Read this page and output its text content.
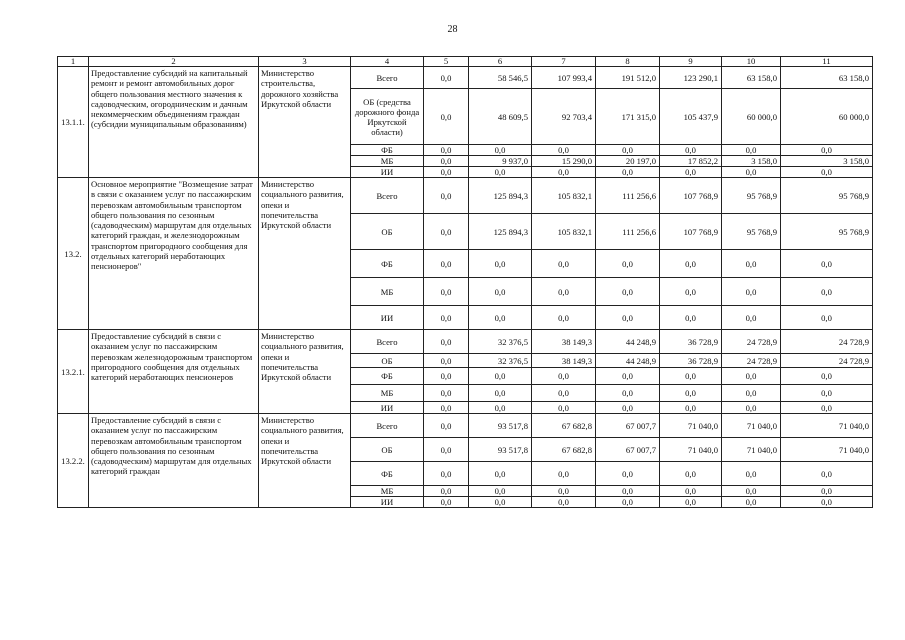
28
1	2	3	4	5	6	7	8	9	10	11
13.1.1.	Предоставление субсидий на капитальный ремонт и ремонт автомобильных дорог общего пользования местного значения к садоводческим, огородническим и дачным некоммерческим объединениям граждан (субсидии муниципальным образованиям)	Министерство строительства, дорожного хозяйства Иркутской области	Всего	0,0	58 546,5	107 993,4	191 512,0	123 290,1	63 158,0	63 158,0
			ОБ (средства дорожного фонда Иркутской области)	0,0	48 609,5	92 703,4	171 315,0	105 437,9	60 000,0	60 000,0
			ФБ	0,0	0,0	0,0	0,0	0,0	0,0	0,0
			МБ	0,0	9 937,0	15 290,0	20 197,0	17 852,2	3 158,0	3 158,0
			ИИ	0,0	0,0	0,0	0,0	0,0	0,0	0,0
13.2.	Основное мероприятие "Возмещение затрат в связи с оказанием услуг по пассажирским перевозкам автомобильным транспортом общего пользования по сезонным (садоводческим) маршрутам для отдельных категорий граждан, и железнодорожным транспортом пригородного сообщения для отдельных категорий неработающих пенсионеров"	Министерство социального развития, опеки и попечительства Иркутской области	Всего	0,0	125 894,3	105 832,1	111 256,6	107 768,9	95 768,9	95 768,9
			ОБ	0,0	125 894,3	105 832,1	111 256,6	107 768,9	95 768,9	95 768,9
			ФБ	0,0	0,0	0,0	0,0	0,0	0,0	0,0
			МБ	0,0	0,0	0,0	0,0	0,0	0,0	0,0
			ИИ	0,0	0,0	0,0	0,0	0,0	0,0	0,0
13.2.1.	Предоставление субсидий в связи с оказанием услуг по пассажирским перевозкам железнодорожным транспортом пригородного сообщения для отдельных категорий неработающих пенсионеров	Министерство социального развития, опеки и попечительства Иркутской области	Всего	0,0	32 376,5	38 149,3	44 248,9	36 728,9	24 728,9	24 728,9
			ОБ	0,0	32 376,5	38 149,3	44 248,9	36 728,9	24 728,9	24 728,9
			ФБ	0,0	0,0	0,0	0,0	0,0	0,0	0,0
			МБ	0,0	0,0	0,0	0,0	0,0	0,0	0,0
			ИИ	0,0	0,0	0,0	0,0	0,0	0,0	0,0
13.2.2.	Предоставление субсидий в связи с оказанием услуг по пассажирским перевозкам автомобильным транспортом общего пользования по сезонным (садоводческим) маршрутам для отдельных категорий граждан	Министерство социального развития, опеки и попечительства Иркутской области	Всего	0,0	93 517,8	67 682,8	67 007,7	71 040,0	71 040,0	71 040,0
			ОБ	0,0	93 517,8	67 682,8	67 007,7	71 040,0	71 040,0	71 040,0
			ФБ	0,0	0,0	0,0	0,0	0,0	0,0	0,0
			МБ	0,0	0,0	0,0	0,0	0,0	0,0	0,0
			ИИ	0,0	0,0	0,0	0,0	0,0	0,0	0,0
